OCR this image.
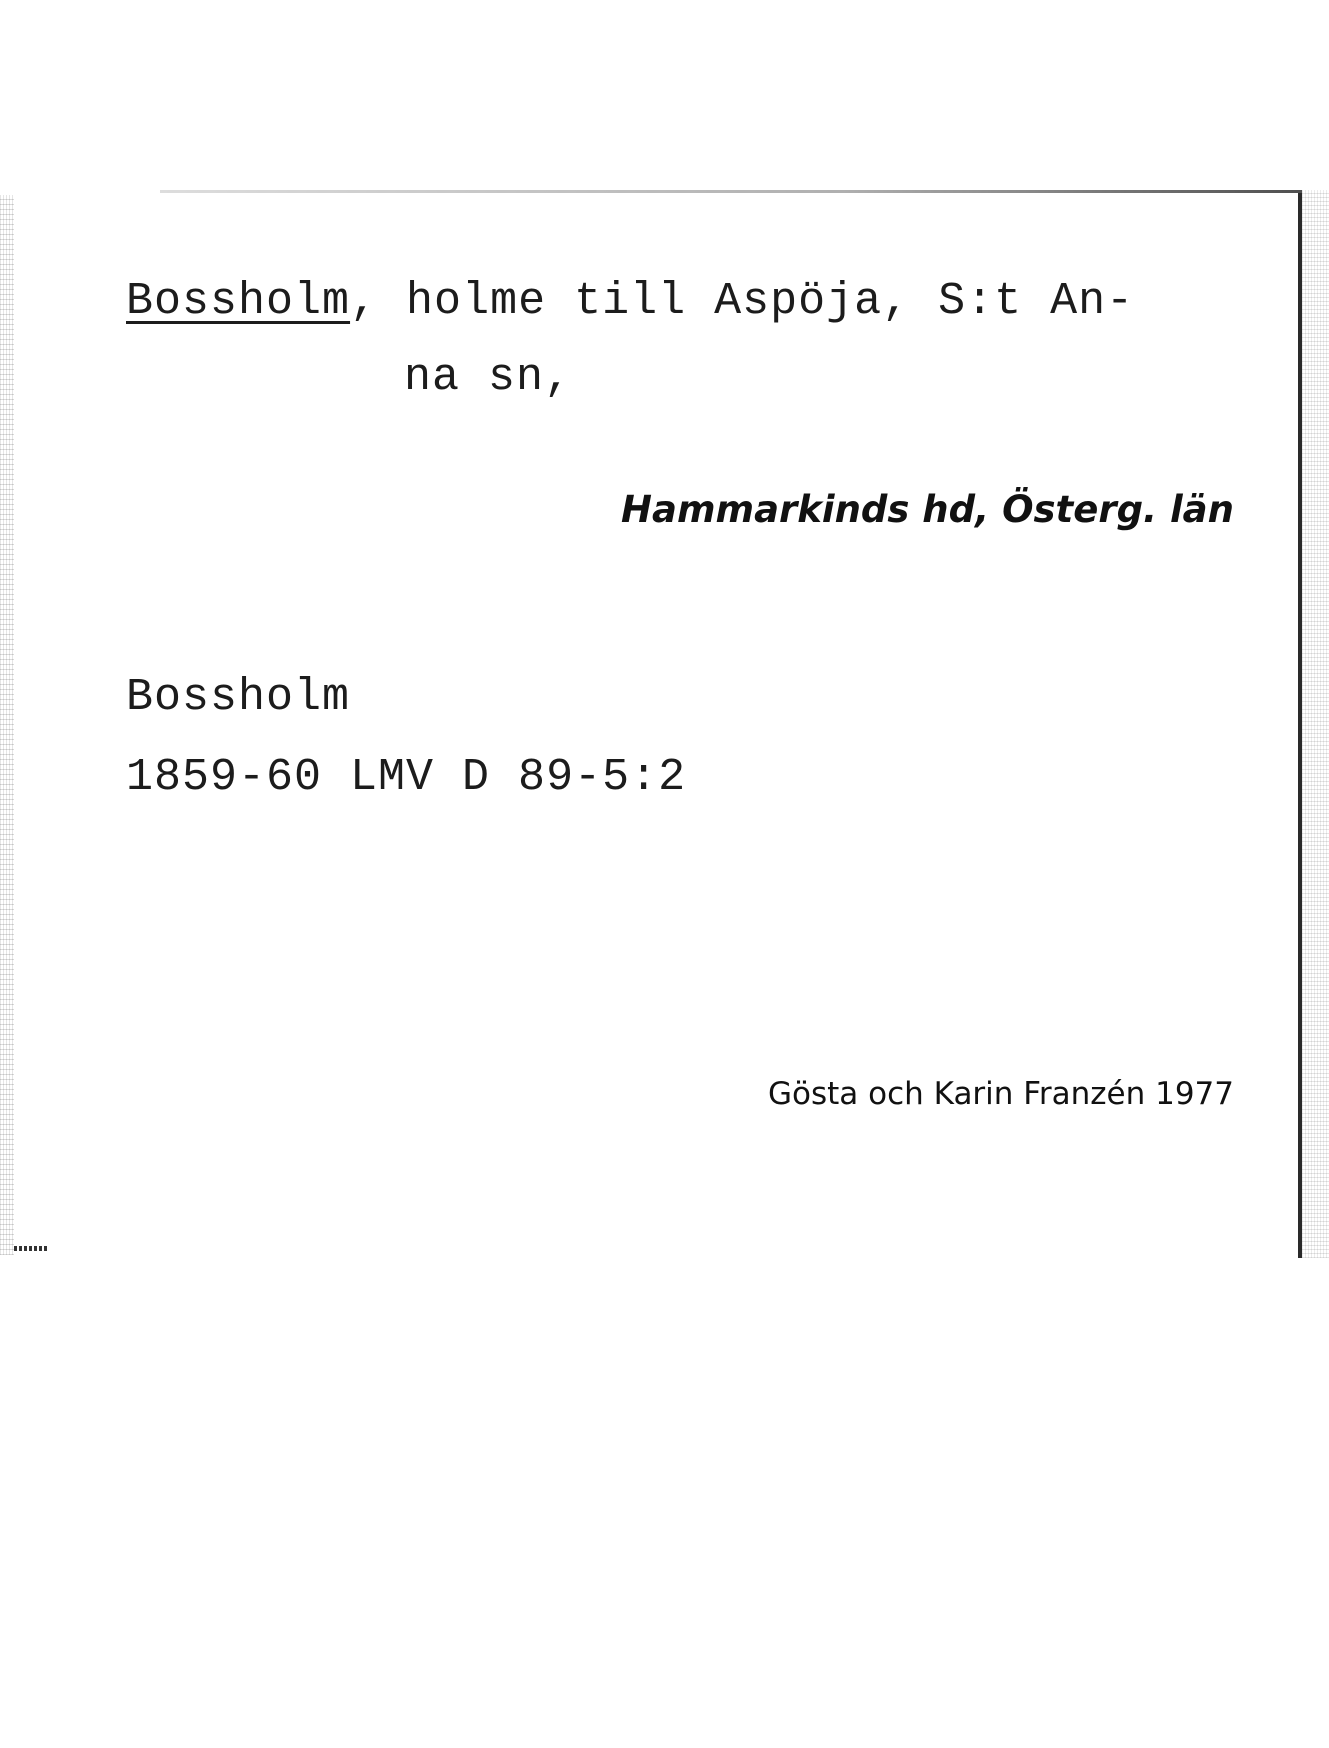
Bossholm, holme till Aspöja, S:t An-
na sn,
Hammarkinds hd, Österg. län
Bossholm
1859-60 LMV D 89-5:2
Gösta och Karin Franzén 1977
